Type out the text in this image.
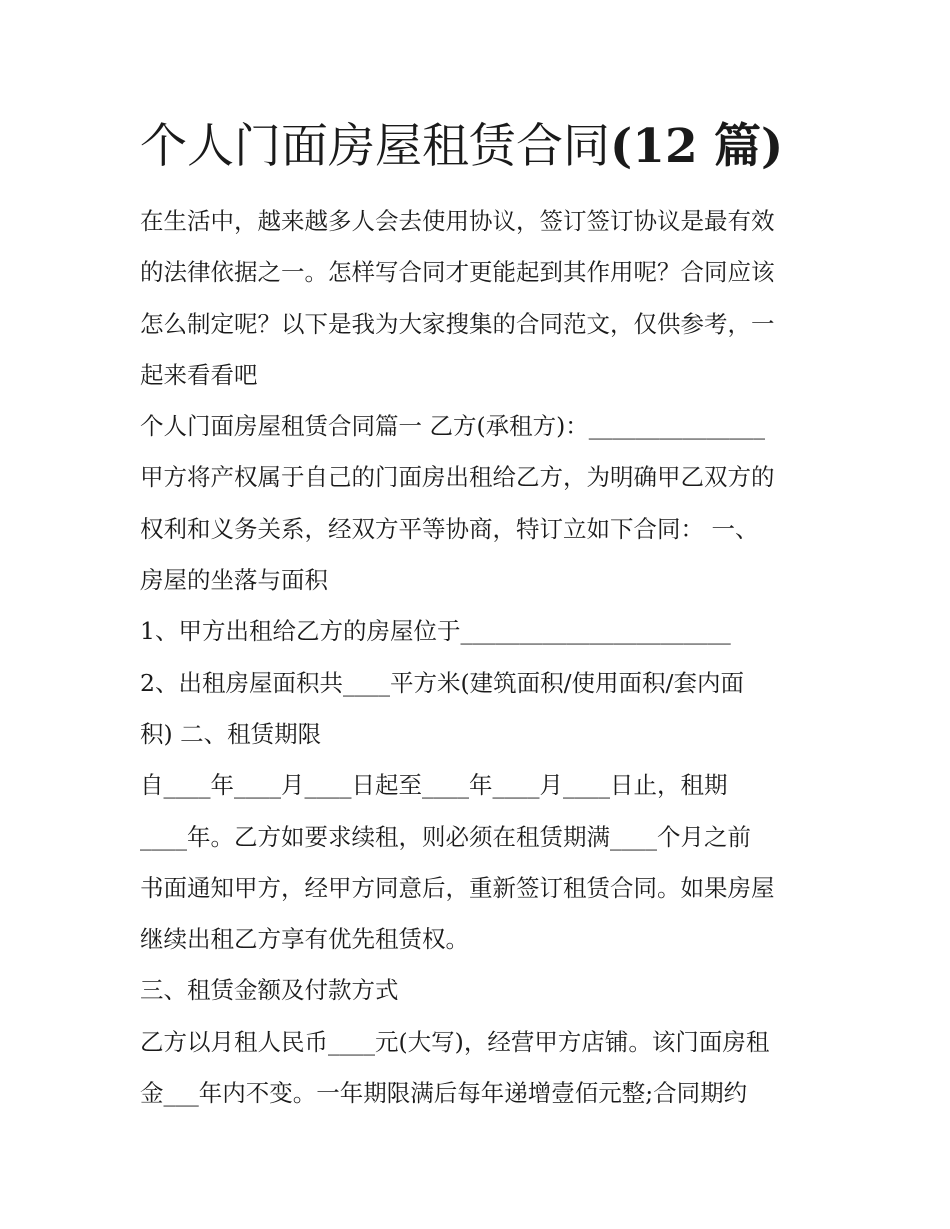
个人门面房屋租赁合同(12 篇)

在生活中，越来越多人会去使用协议，签订签订协议是最有效

的法律依据之一。怎样写合同才更能起到其作用呢？合同应该

怎么制定呢？以下是我为大家搜集的合同范文，仅供参考，一

起来看看吧

个人门面房屋租赁合同篇一 乙方(承租方)：_______________

甲方将产权属于自己的门面房出租给乙方，为明确甲乙双方的

权利和义务关系，经双方平等协商，特订立如下合同： 一、

房屋的坐落与面积

1、甲方出租给乙方的房屋位于_______________________

2、出租房屋面积共____平方米(建筑面积/使用面积/套内面

积) 二、租赁期限

自____年____月____日起至____年____月____日止，租期

____年。乙方如要求续租，则必须在租赁期满____个月之前

书面通知甲方，经甲方同意后，重新签订租赁合同。如果房屋

继续出租乙方享有优先租赁权。

三、租赁金额及付款方式

乙方以月租人民币____元(大写)，经营甲方店铺。该门面房租

金___年内不变。一年期限满后每年递增壹佰元整;合同期约
